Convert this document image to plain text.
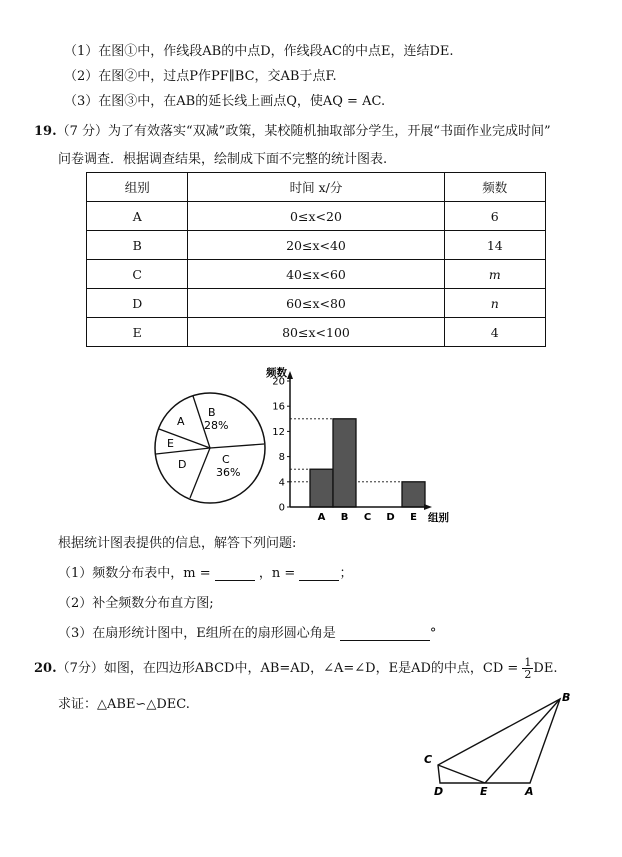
（1）在图①中，作线段AB的中点D，作线段AC的中点E，连结DE.
（2）在图②中，过点P作PF∥BC，交AB于点F.
（3）在图③中，在AB的延长线上画点Q，使AQ = AC.
19.（7 分）为了有效落实“双减”政策，某校随机抽取部分学生，开展“书面作业完成时间”
问卷调查．根据调查结果，绘制成下面不完整的统计图表.
组别	时间 x/分	频数
A	0≤x<20	6
B	20≤x<40	14
C	40≤x<60	m
D	60≤x<80	n
E	80≤x<100	4
A
B
28%
C
36%
D
E
0
4
8
12
16
20
A B C D E
频数
组别
根据统计图表提供的信息，解答下列问题:
（1）频数分布表中，m =	，n =	；
（2）补全频数分布直方图;
（3）在扇形统计图中，E组所在的扇形圆心角是	°
20.（7分）如图，在四边形ABCD中，AB=AD，∠A=∠D，E是AD的中点，CD = $\frac{1}{2}$ DE.
求证：△ABE∽△DEC.	B
C
D	E	A
